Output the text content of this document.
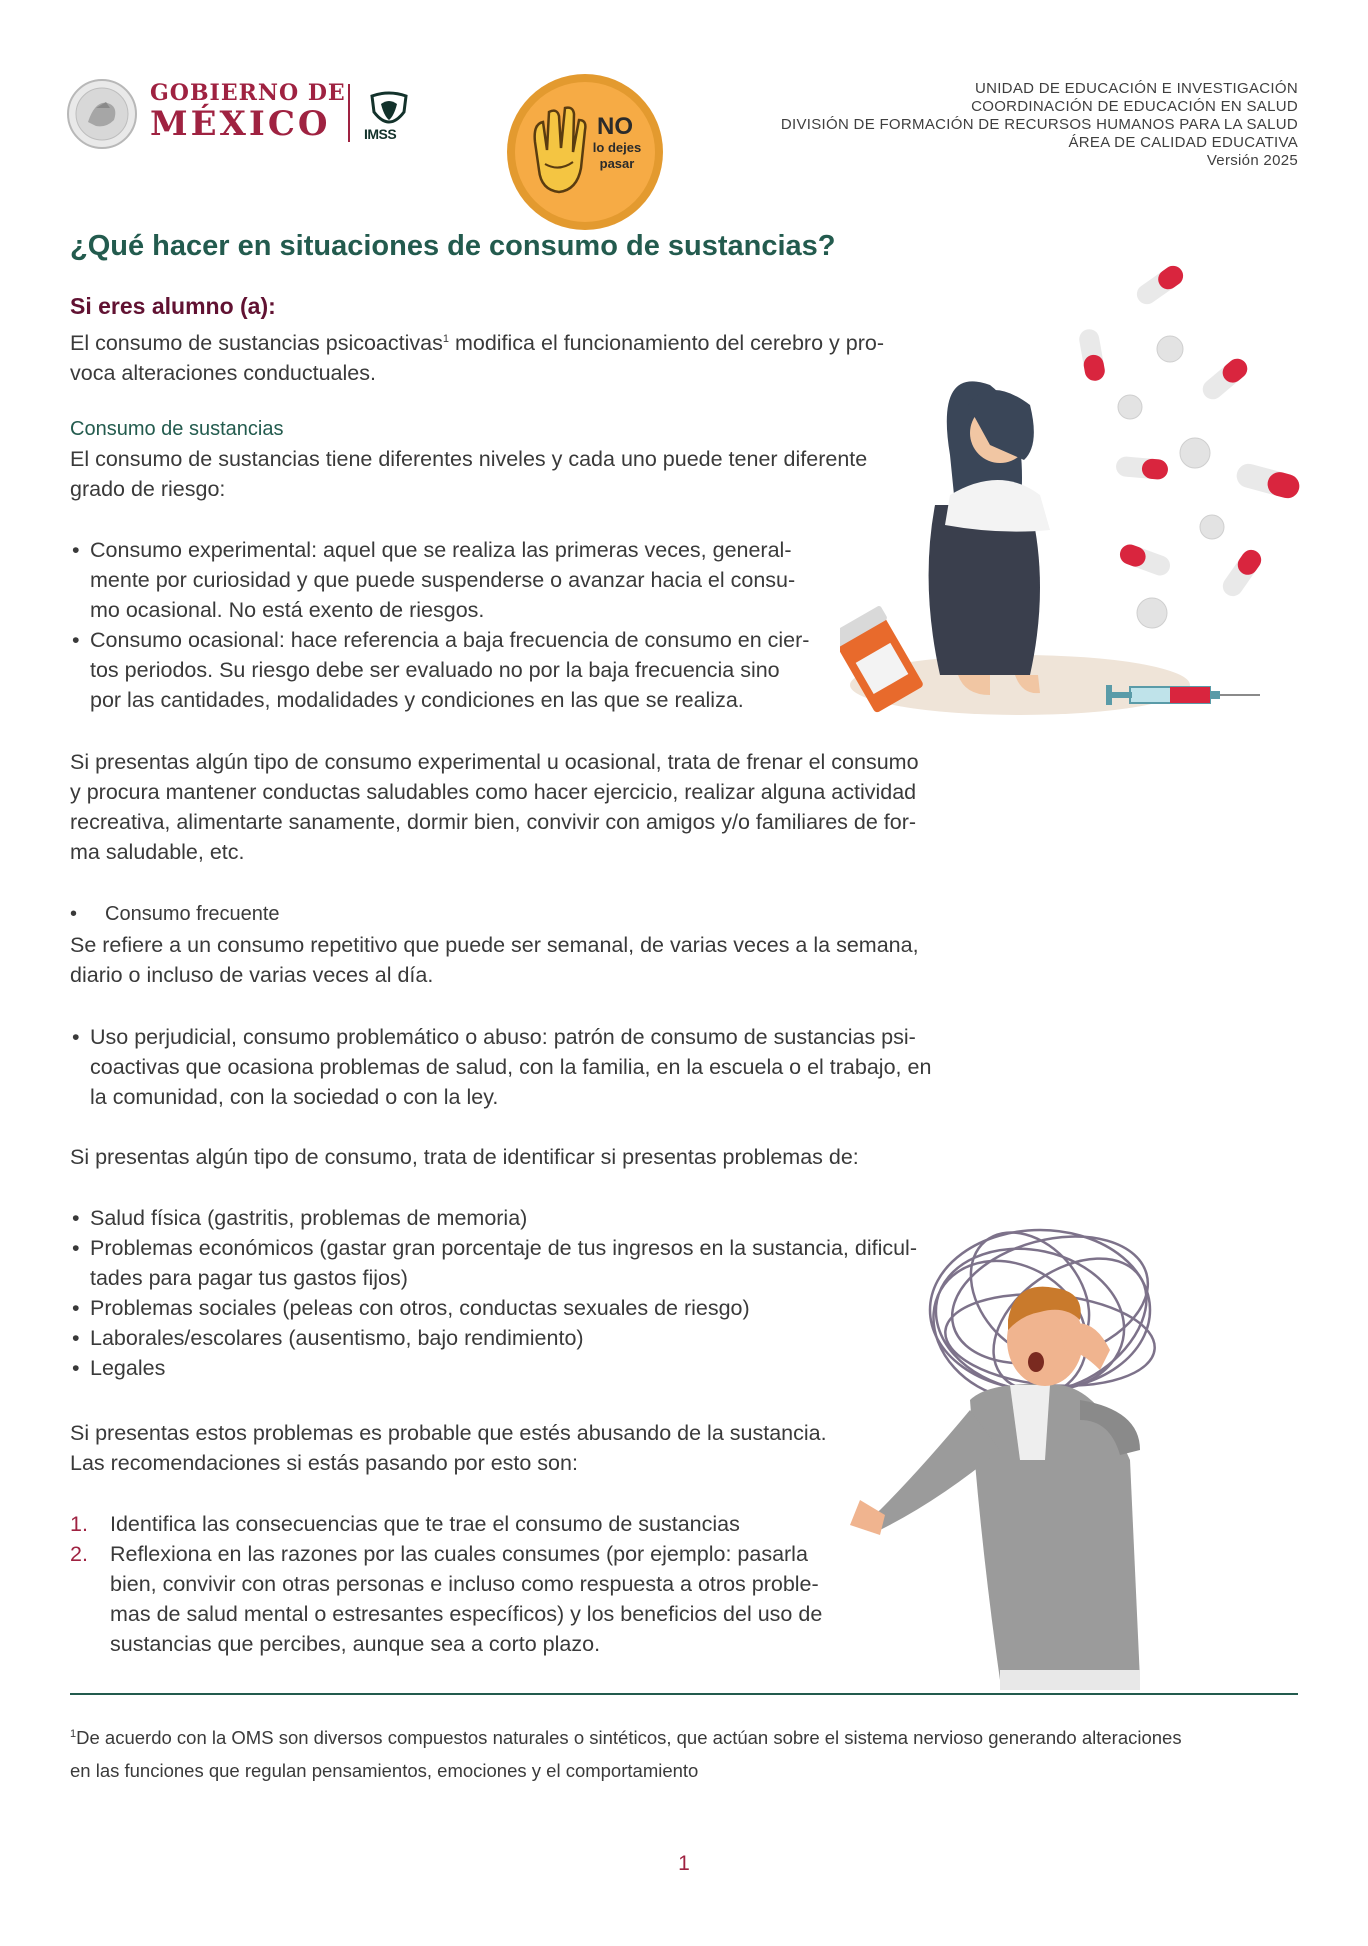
GOBIERNO DE
MÉXICO	IMSS	NO
lo dejes
pasar
UNIDAD DE EDUCACIÓN E INVESTIGACIÓN
COORDINACIÓN DE EDUCACIÓN EN SALUD
DIVISIÓN DE FORMACIÓN DE RECURSOS HUMANOS PARA LA SALUD
ÁREA DE CALIDAD EDUCATIVA
Versión 2025
¿Qué hacer en situaciones de consumo de sustancias?
Si eres alumno (a):
El consumo de sustancias psicoactivas$^1$ modifica el funcionamiento del cerebro y pro-
voca alteraciones conductuales.
Consumo de sustancias
El consumo de sustancias tiene diferentes niveles y cada uno puede tener diferente
grado de riesgo:
• Consumo experimental: aquel que se realiza las primeras veces, general-
mente por curiosidad y que puede suspenderse o avanzar hacia el consu-
mo ocasional. No está exento de riesgos.
• Consumo ocasional: hace referencia a baja frecuencia de consumo en cier-
tos periodos. Su riesgo debe ser evaluado no por la baja frecuencia sino
por las cantidades, modalidades y condiciones en las que se realiza.
Si presentas algún tipo de consumo experimental u ocasional, trata de frenar el consumo
y procura mantener conductas saludables como hacer ejercicio, realizar alguna actividad
recreativa, alimentarte sanamente, dormir bien, convivir con amigos y/o familiares de for-
ma saludable, etc.
• Consumo frecuente
Se refiere a un consumo repetitivo que puede ser semanal, de varias veces a la semana,
diario o incluso de varias veces al día.
• Uso perjudicial, consumo problemático o abuso: patrón de consumo de sustancias psi-
coactivas que ocasiona problemas de salud, con la familia, en la escuela o el trabajo, en
la comunidad, con la sociedad o con la ley.
Si presentas algún tipo de consumo, trata de identificar si presentas problemas de:
• Salud física (gastritis, problemas de memoria)
• Problemas económicos (gastar gran porcentaje de tus ingresos en la sustancia, dificul-
tades para pagar tus gastos fijos)
• Problemas sociales (peleas con otros, conductas sexuales de riesgo)
• Laborales/escolares (ausentismo, bajo rendimiento)
• Legales
Si presentas estos problemas es probable que estés abusando de la sustancia.
Las recomendaciones si estás pasando por esto son:
1. Identifica las consecuencias que te trae el consumo de sustancias
2. Reflexiona en las razones por las cuales consumes (por ejemplo: pasarla
bien, convivir con otras personas e incluso como respuesta a otros proble-
mas de salud mental o estresantes específicos) y los beneficios del uso de
sustancias que percibes, aunque sea a corto plazo.
$^1$De acuerdo con la OMS son diversos compuestos naturales o sintéticos, que actúan sobre el sistema nervioso generando alteraciones
en las funciones que regulan pensamientos, emociones y el comportamiento
1
